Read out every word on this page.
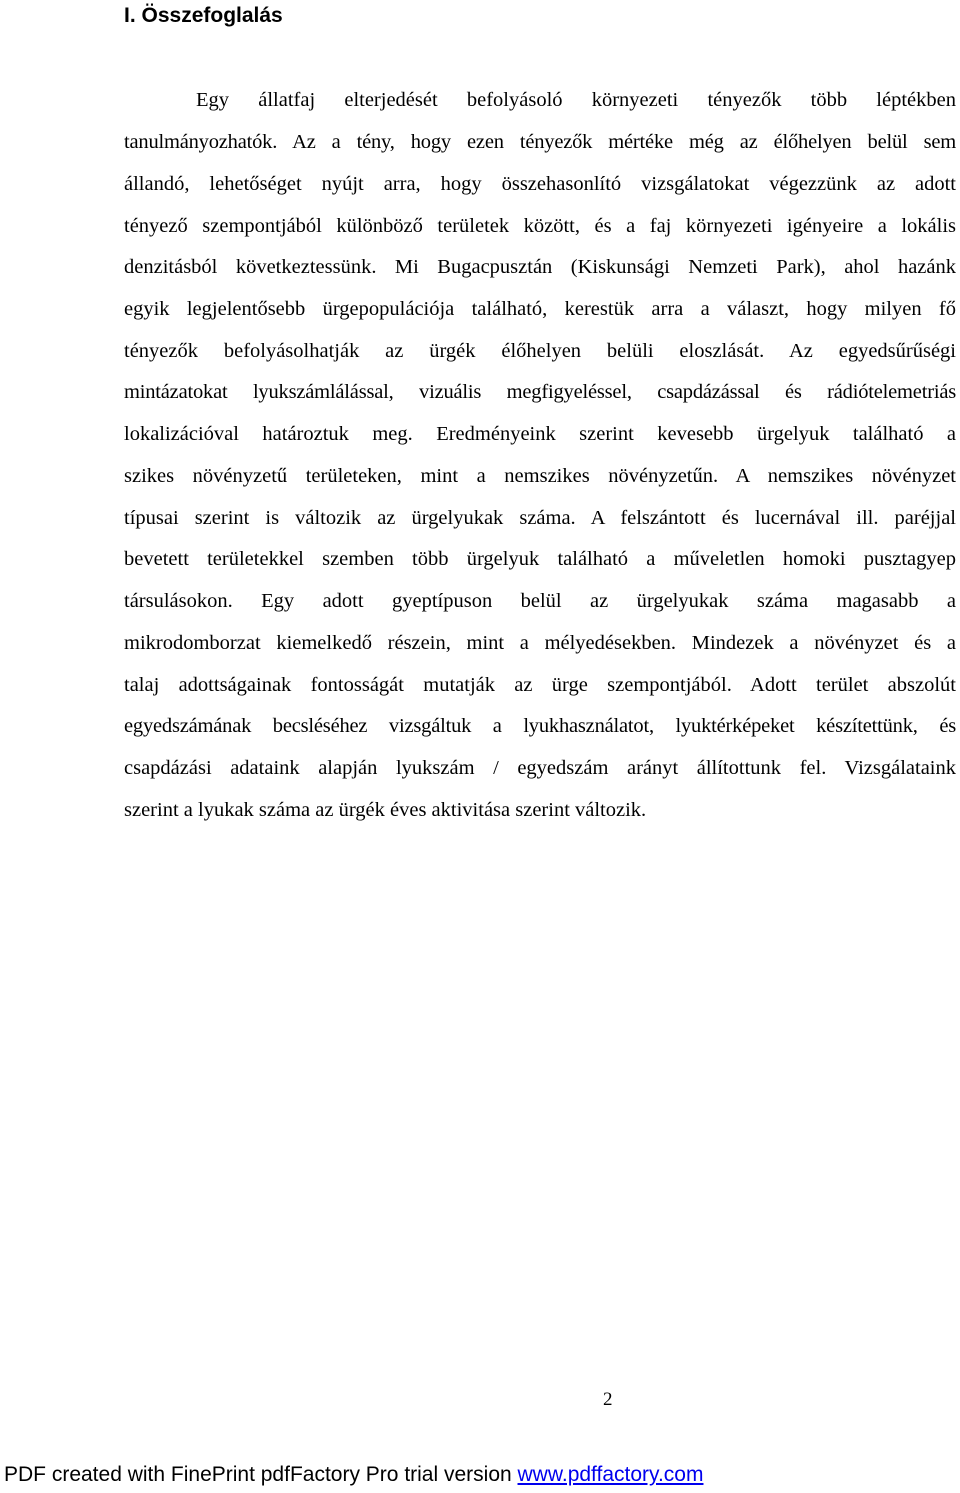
I. Összefoglalás
Egy állatfaj elterjedését befolyásoló környezeti tényezők több léptékben
tanulmányozhatók. Az a tény, hogy ezen tényezők mértéke még az élőhelyen belül sem
állandó, lehetőséget nyújt arra, hogy összehasonlító vizsgálatokat végezzünk az adott
tényező szempontjából különböző területek között, és a faj környezeti igényeire a lokális
denzitásból következtessünk. Mi Bugacpusztán (Kiskunsági Nemzeti Park), ahol hazánk
egyik legjelentősebb ürgepopulációja található, kerestük arra a választ, hogy milyen fő
tényezők befolyásolhatják az ürgék élőhelyen belüli eloszlását. Az egyedsűrűségi
mintázatokat lyukszámlálással, vizuális megfigyeléssel, csapdázással és rádiótelemetriás
lokalizációval határoztuk meg. Eredményeink szerint kevesebb ürgelyuk található a
szikes növényzetű területeken, mint a nemszikes növényzetűn. A nemszikes növényzet
típusai szerint is változik az ürgelyukak száma. A felszántott és lucernával ill. paréjjal
bevetett területekkel szemben több ürgelyuk található a műveletlen homoki pusztagyep
társulásokon. Egy adott gyeptípuson belül az ürgelyukak száma magasabb a
mikrodomborzat kiemelkedő részein, mint a mélyedésekben. Mindezek a növényzet és a
talaj adottságainak fontosságát mutatják az ürge szempontjából. Adott terület abszolút
egyedszámának becsléséhez vizsgáltuk a lyukhasználatot, lyuktérképeket készítettünk, és
csapdázási adataink alapján lyukszám / egyedszám arányt állítottunk fel. Vizsgálataink
szerint a lyukak száma az ürgék éves aktivitása szerint változik.
2
PDF created with FinePrint pdfFactory Pro trial version www.pdffactory.com
